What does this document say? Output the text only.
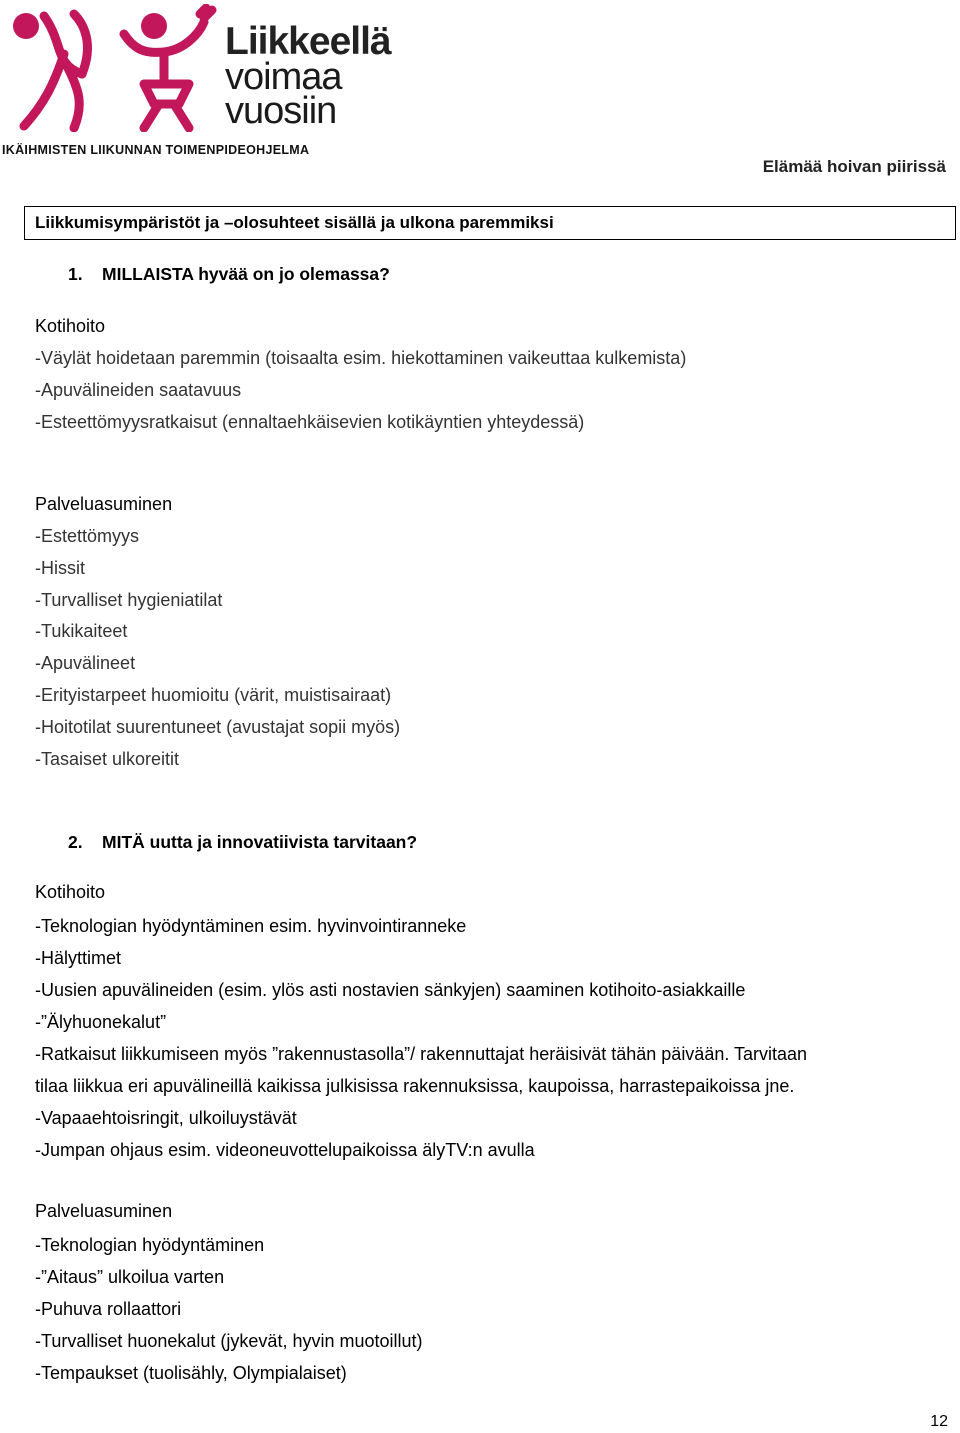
Liikkeellä
voimaa
vuosiin
IKÄIHMISTEN LIIKUNNAN TOIMENPIDEOHJELMA
Elämää hoivan piirissä
Liikkumisympäristöt ja –olosuhteet sisällä ja ulkona paremmiksi
1. MILLAISTA hyvää on jo olemassa?
Kotihoito
-Väylät hoidetaan paremmin (toisaalta esim. hiekottaminen vaikeuttaa kulkemista)
-Apuvälineiden saatavuus
-Esteettömyysratkaisut (ennaltaehkäisevien kotikäyntien yhteydessä)
Palveluasuminen
-Estettömyys
-Hissit
-Turvalliset hygieniatilat
-Tukikaiteet
-Apuvälineet
-Erityistarpeet huomioitu (värit, muistisairaat)
-Hoitotilat suurentuneet (avustajat sopii myös)
-Tasaiset ulkoreitit
2. MITÄ uutta ja innovatiivista tarvitaan?
Kotihoito
-Teknologian hyödyntäminen esim. hyvinvointiranneke
-Hälyttimet
-Uusien apuvälineiden (esim. ylös asti nostavien sänkyjen) saaminen kotihoito-asiakkaille
-”Älyhuonekalut”
-Ratkaisut liikkumiseen myös ”rakennustasolla”/ rakennuttajat heräisivät tähän päivään. Tarvitaan
tilaa liikkua eri apuvälineillä kaikissa julkisissa rakennuksissa, kaupoissa, harrastepaikoissa jne.
-Vapaaehtoisringit, ulkoiluystävät
-Jumpan ohjaus esim. videoneuvottelupaikoissa älyTV:n avulla
Palveluasuminen
-Teknologian hyödyntäminen
-”Aitaus” ulkoilua varten
-Puhuva rollaattori
-Turvalliset huonekalut (jykevät, hyvin muotoillut)
-Tempaukset (tuolisähly, Olympialaiset)
12
